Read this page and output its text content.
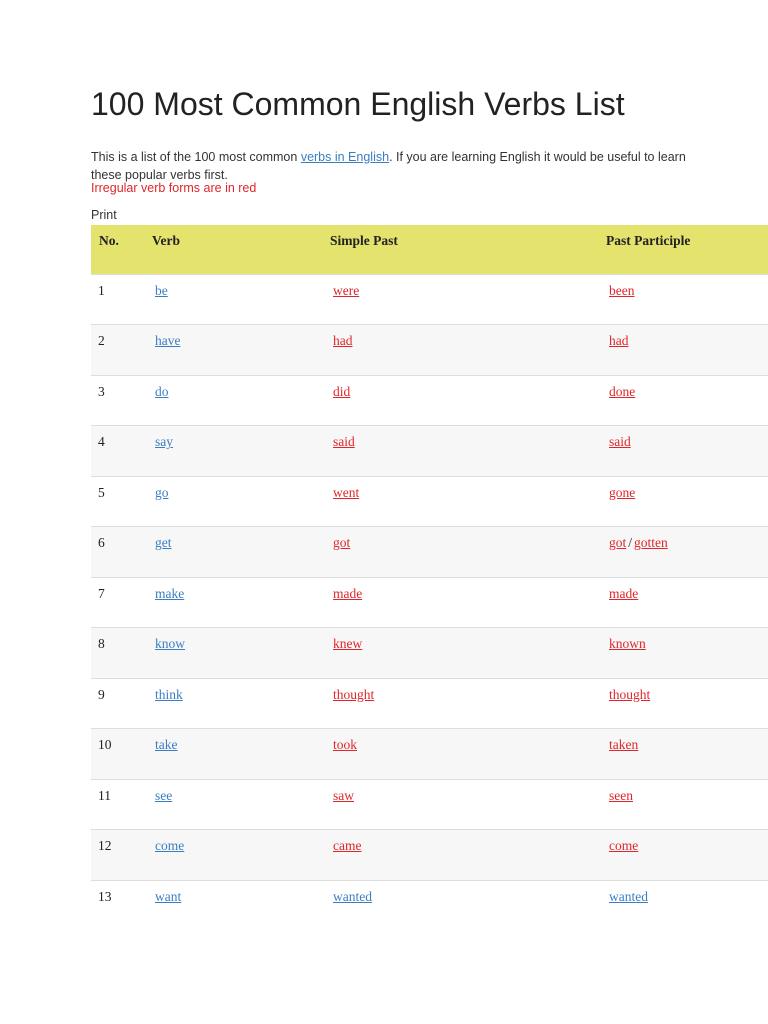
100 Most Common English Verbs List

This is a list of the 100 most common verbs in English. If you are learning English it would be useful to learn these popular verbs first.

Irregular verb forms are in red
Print
No.	Verb	Simple Past	Past Participle
1	be	were	been
2	have	had	had
3	do	did	done
4	say	said	said
5	go	went	gone
6	get	got	got / gotten
7	make	made	made
8	know	knew	known
9	think	thought	thought
10	take	took	taken
11	see	saw	seen
12	come	came	come
13	want	wanted	wanted
